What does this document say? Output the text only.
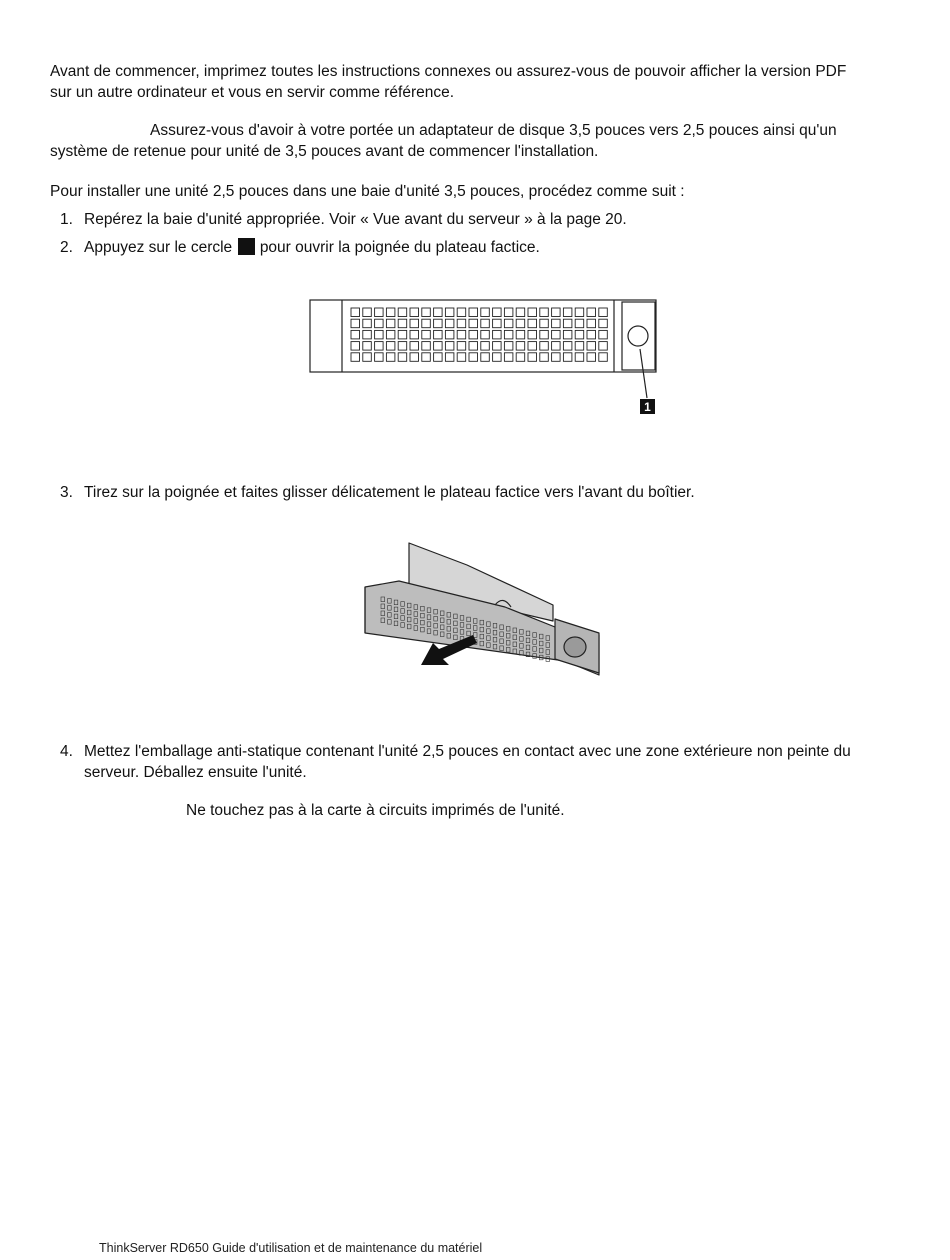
Avant de commencer, imprimez toutes les instructions connexes ou assurez-vous de pouvoir afficher la version PDF sur un autre ordinateur et vous en servir comme référence.

Assurez-vous d'avoir à votre portée un adaptateur de disque 3,5 pouces vers 2,5 pouces ainsi qu'un système de retenue pour unité de 3,5 pouces avant de commencer l'installation.

Pour installer une unité 2,5 pouces dans une baie d'unité 3,5 pouces, procédez comme suit :

1. Repérez la baie d'unité appropriée. Voir « Vue avant du serveur » à la page 20.
2. Appuyez sur le cercle pour ouvrir la poignée du plateau factice.
1
3. Tirez sur la poignée et faites glisser délicatement le plateau factice vers l'avant du boîtier.
4. Mettez l'emballage anti-statique contenant l'unité 2,5 pouces en contact avec une zone extérieure non peinte du serveur. Déballez ensuite l'unité.

Ne touchez pas à la carte à circuits imprimés de l'unité.

ThinkServer RD650 Guide d'utilisation et de maintenance du matériel
